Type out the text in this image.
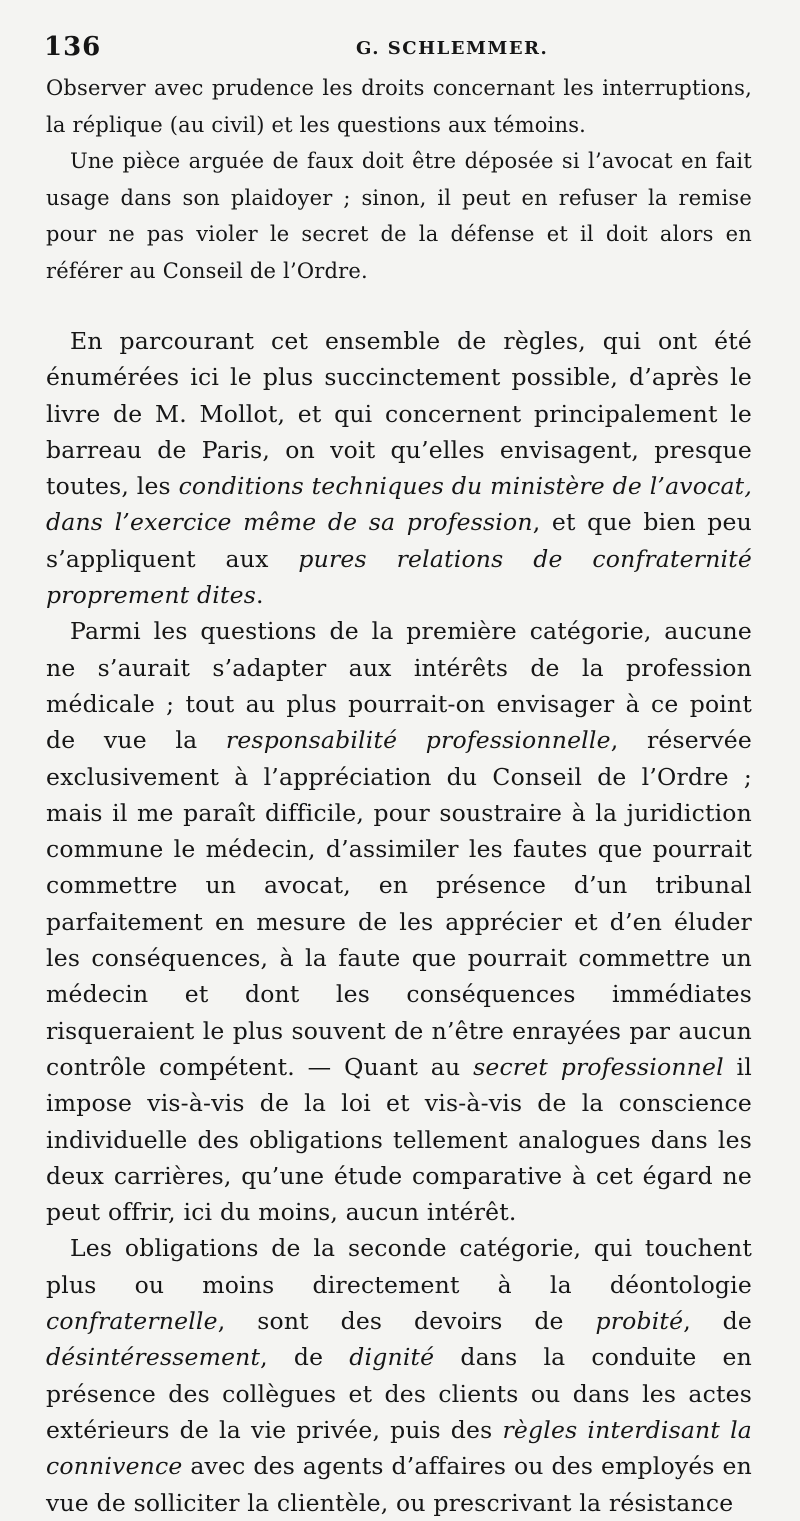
136	G. SCHLEMMER.

Observer avec prudence les droits concernant les interruptions, la réplique (au civil) et les questions aux témoins.

Une pièce arguée de faux doit être déposée si l’avocat en fait usage dans son plaidoyer ; sinon, il peut en refuser la remise pour ne pas violer le secret de la défense et il doit alors en référer au Conseil de l’Ordre.

En parcourant cet ensemble de règles, qui ont été énumérées ici le plus succinctement possible, d’après le livre de M. Mollot, et qui concernent principalement le barreau de Paris, on voit qu’elles envisagent, presque toutes, les conditions techniques du ministère de l’avocat, dans l’exercice même de sa profession, et que bien peu s’appliquent aux pures relations de confraternité proprement dites.

Parmi les questions de la première catégorie, aucune ne s’aurait s’adapter aux intérêts de la profession médicale ; tout au plus pourrait-on envisager à ce point de vue la responsabilité professionnelle, réservée exclusivement à l’appréciation du Conseil de l’Ordre ; mais il me paraît difficile, pour soustraire à la juridiction commune le médecin, d’assimiler les fautes que pourrait commettre un avocat, en présence d’un tribunal parfaitement en mesure de les apprécier et d’en éluder les conséquences, à la faute que pourrait commettre un médecin et dont les conséquences immédiates risqueraient le plus souvent de n’être enrayées par aucun contrôle compétent. — Quant au secret professionnel il impose vis-à-vis de la loi et vis-à-vis de la conscience individuelle des obligations tellement analogues dans les deux carrières, qu’une étude comparative à cet égard ne peut offrir, ici du moins, aucun intérêt.

Les obligations de la seconde catégorie, qui touchent plus ou moins directement à la déontologie confraternelle, sont des devoirs de probité, de désintéressement, de dignité dans la conduite en présence des collègues et des clients ou dans les actes extérieurs de la vie privée, puis des règles interdisant la connivence avec des agents d’affaires ou des employés en vue de solliciter la clientèle, ou prescrivant la résistance
